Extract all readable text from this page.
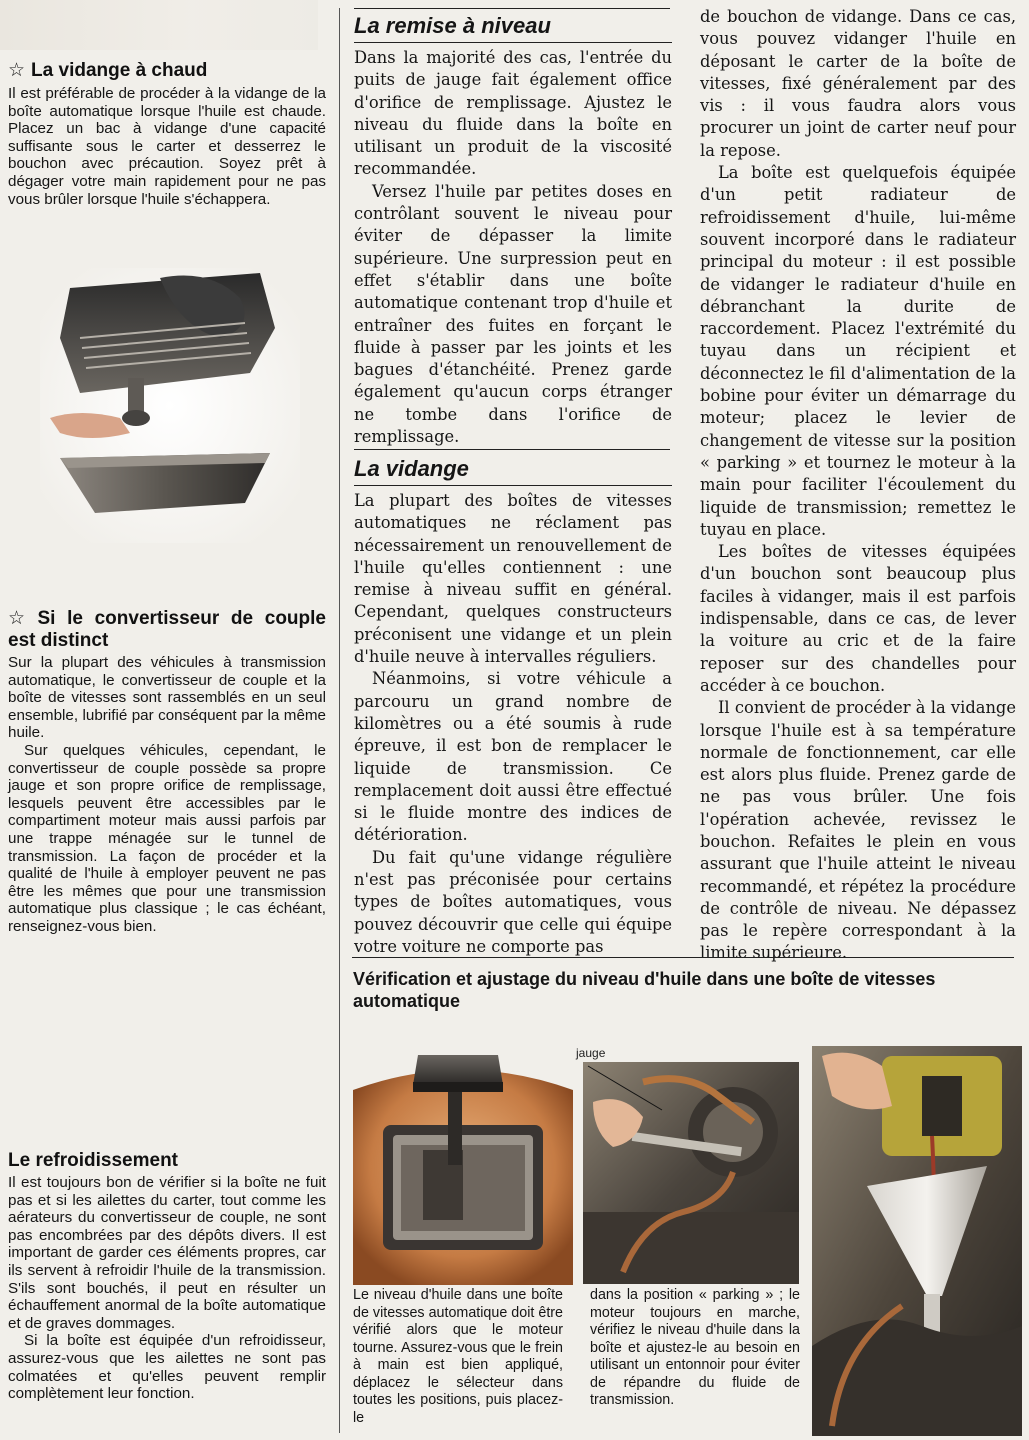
☆ La vidange à chaud

Il est préférable de procéder à la vidange de la boîte automatique lorsque l'huile est chaude. Placez un bac à vidange d'une capacité suffisante sous le carter et desserrez le bouchon avec précaution. Soyez prêt à dégager votre main rapidement pour ne pas vous brûler lorsque l'huile s'échappera.

☆ Si le convertisseur de couple est distinct

Sur la plupart des véhicules à transmission automatique, le convertisseur de couple et la boîte de vitesses sont rassemblés en un seul ensemble, lubrifié par conséquent par la même huile.

Sur quelques véhicules, cependant, le convertisseur de couple possède sa propre jauge et son propre orifice de remplissage, lesquels peuvent être accessibles par le compartiment moteur mais aussi parfois par une trappe ménagée sur le tunnel de transmission. La façon de procéder et la qualité de l'huile à employer peuvent ne pas être les mêmes que pour une transmission automatique plus classique ; le cas échéant, renseignez-vous bien.

Le refroidissement

Il est toujours bon de vérifier si la boîte ne fuit pas et si les ailettes du carter, tout comme les aérateurs du convertisseur de couple, ne sont pas encombrées par des dépôts divers. Il est important de garder ces éléments propres, car ils servent à refroidir l'huile de la transmission. S'ils sont bouchés, il peut en résulter un échauffement anormal de la boîte automatique et de graves dommages.

Si la boîte est équipée d'un refroidisseur, assurez-vous que les ailettes ne sont pas colmatées et qu'elles peuvent remplir complètement leur fonction.

La remise à niveau

Dans la majorité des cas, l'entrée du puits de jauge fait également office d'orifice de remplissage. Ajustez le niveau du fluide dans la boîte en utilisant un produit de la viscosité recommandée.

Versez l'huile par petites doses en contrôlant souvent le niveau pour éviter de dépasser la limite supérieure. Une surpression peut en effet s'établir dans une boîte automatique contenant trop d'huile et entraîner des fuites en forçant le fluide à passer par les joints et les bagues d'étanchéité. Prenez garde également qu'aucun corps étranger ne tombe dans l'orifice de remplissage.

La vidange

La plupart des boîtes de vitesses automatiques ne réclament pas nécessairement un renouvellement de l'huile qu'elles contiennent : une remise à niveau suffit en général. Cependant, quelques constructeurs préconisent une vidange et un plein d'huile neuve à intervalles réguliers.

Néanmoins, si votre véhicule a parcouru un grand nombre de kilomètres ou a été soumis à rude épreuve, il est bon de remplacer le liquide de transmission. Ce remplacement doit aussi être effectué si le fluide montre des indices de détérioration.

Du fait qu'une vidange régulière n'est pas préconisée pour certains types de boîtes automatiques, vous pouvez découvrir que celle qui équipe votre voiture ne comporte pas

de bouchon de vidange. Dans ce cas, vous pouvez vidanger l'huile en déposant le carter de la boîte de vitesses, fixé généralement par des vis : il vous faudra alors vous procurer un joint de carter neuf pour la repose.

La boîte est quelquefois équipée d'un petit radiateur de refroidissement d'huile, lui-même souvent incorporé dans le radiateur principal du moteur : il est possible de vidanger le radiateur d'huile en débranchant la durite de raccordement. Placez l'extrémité du tuyau dans un récipient et déconnectez le fil d'alimentation de la bobine pour éviter un démarrage du moteur; placez le levier de changement de vitesse sur la position « parking » et tournez le moteur à la main pour faciliter l'écoulement du liquide de transmission; remettez le tuyau en place.

Les boîtes de vitesses équipées d'un bouchon sont beaucoup plus faciles à vidanger, mais il est parfois indispensable, dans ce cas, de lever la voiture au cric et de la faire reposer sur des chandelles pour accéder à ce bouchon.

Il convient de procéder à la vidange lorsque l'huile est à sa température normale de fonctionnement, car elle est alors plus fluide. Prenez garde de ne pas vous brûler. Une fois l'opération achevée, revissez le bouchon. Refaites le plein en vous assurant que l'huile atteint le niveau recommandé, et répétez la procédure de contrôle de niveau. Ne dépassez pas le repère correspondant à la limite supérieure.

Vérification et ajustage du niveau d'huile dans une boîte de vitesses automatique
jauge
Le niveau d'huile dans une boîte de vitesses automatique doit être vérifié alors que le moteur tourne. Assurez-vous que le frein à main est bien appliqué, déplacez le sélecteur dans toutes les positions, puis placez-le
dans la position « parking » ; le moteur toujours en marche, vérifiez le niveau d'huile dans la boîte et ajustez-le au besoin en utilisant un entonnoir pour éviter de répandre du fluide de transmission.
